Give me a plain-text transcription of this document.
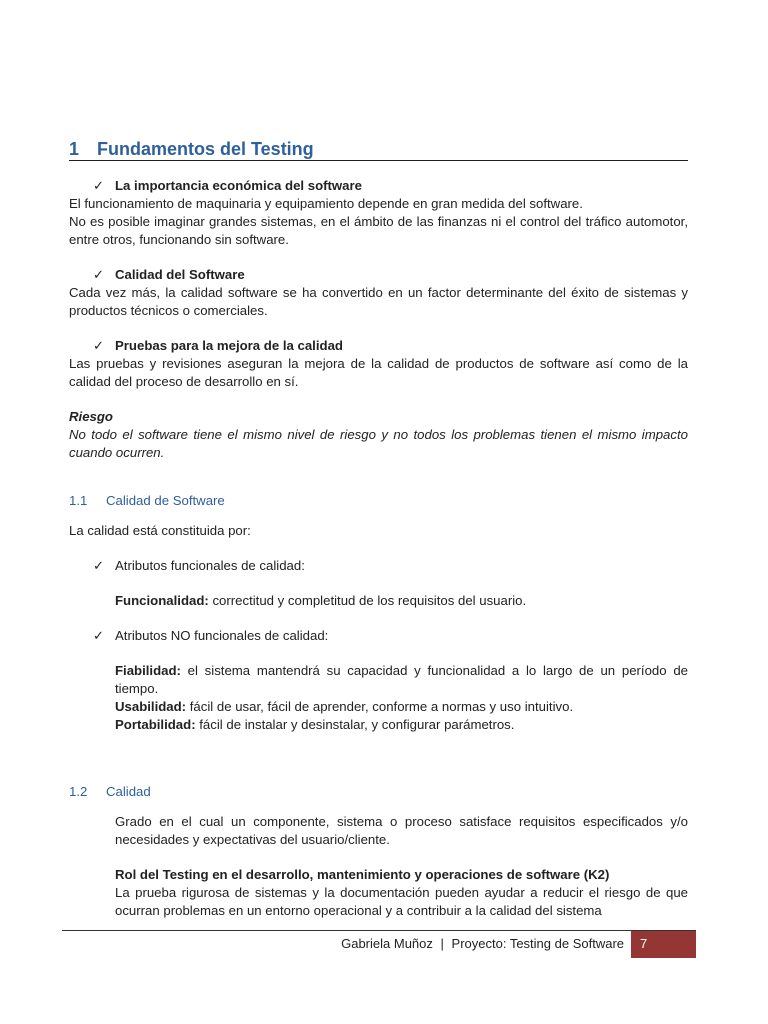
1 Fundamentos del Testing
✓ La importancia económica del software
El funcionamiento de maquinaria y equipamiento depende en gran medida del software.
No es posible imaginar grandes sistemas, en el ámbito de las finanzas ni el control del tráfico automotor, entre otros, funcionando sin software.
✓ Calidad del Software
Cada vez más, la calidad software se ha convertido en un factor determinante del éxito de sistemas y productos técnicos o comerciales.
✓ Pruebas para la mejora de la calidad
Las pruebas y revisiones aseguran la mejora de la calidad de productos de software así como de la calidad del proceso de desarrollo en sí.
Riesgo
No todo el software tiene el mismo nivel de riesgo y no todos los problemas tienen el mismo impacto cuando ocurren.
1.1	Calidad de Software
La calidad está constituida por:
✓ Atributos funcionales de calidad:
Funcionalidad: correctitud y completitud de los requisitos del usuario.
✓ Atributos NO funcionales de calidad:
Fiabilidad: el sistema mantendrá su capacidad y funcionalidad a lo largo de un período de tiempo.
Usabilidad: fácil de usar, fácil de aprender, conforme a normas y uso intuitivo.
Portabilidad: fácil de instalar y desinstalar, y configurar parámetros.
1.2	Calidad
Grado en el cual un componente, sistema o proceso satisface requisitos especificados y/o necesidades y expectativas del usuario/cliente.
Rol del Testing en el desarrollo, mantenimiento y operaciones de software (K2)
La prueba rigurosa de sistemas y la documentación pueden ayudar a reducir el riesgo de que ocurran problemas en un entorno operacional y a contribuir a la calidad del sistema
Gabriela Muñoz | Proyecto: Testing de Software	7
